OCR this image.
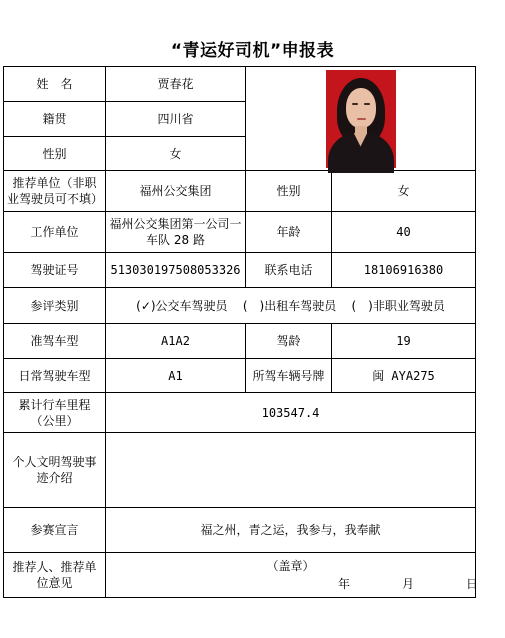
“青运好司机”申报表
姓　名	贾春花		

籍贯	四川省		
性别	女		
推荐单位（非职业驾驶员可不填）	福州公交集团	性别	女
工作单位	福州公交集团第一公司一车队 28 路	年龄	40
驾驶证号	513030197508053326	联系电话	18106916380
参评类别	(✓)公交车驾驶员 (　)出租车驾驶员 (　)非职业驾驶员		
准驾车型	A1A2	驾龄	19
日常驾驶车型	A1	所驾车辆号牌	闽 AYA275
累计行车里程（公里）	103547.4		
个人文明驾驶事迹介绍			
参赛宣言	福之州，青之运，我参与，我奉献		
推荐人、推荐单位意见	（盖章）
年 月 日		
